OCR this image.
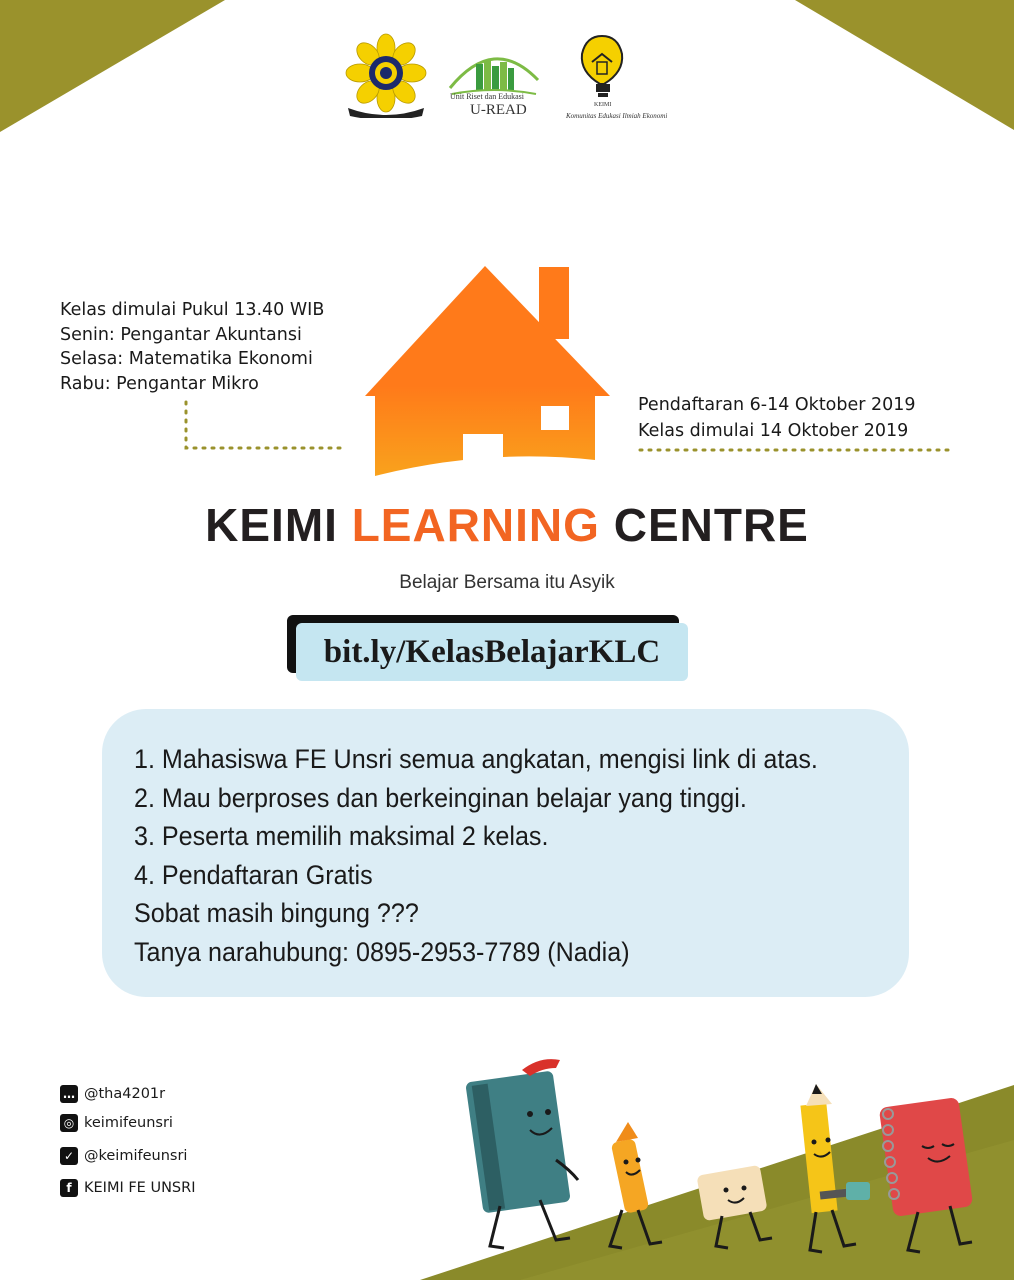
Unit Riset dan Edukasi
U-READ	KEIMI
Komunitas Edukasi Ilmiah Ekonomi
Kelas dimulai Pukul 13.40 WIB
Senin: Pengantar Akuntansi
Selasa: Matematika Ekonomi
Rabu: Pengantar Mikro
Pendaftaran 6-14 Oktober 2019
Kelas dimulai 14 Oktober 2019
KEIMI LEARNING CENTRE
Belajar Bersama itu Asyik
bit.ly/KelasBelajarKLC
1. Mahasiswa FE Unsri semua angkatan, mengisi link di atas.
2. Mau berproses dan berkeinginan belajar yang tinggi.
3. Peserta memilih maksimal 2 kelas.
4. Pendaftaran Gratis
Sobat masih bingung ???
Tanya narahubung: 0895-2953-7789 (Nadia)
… @tha4201r
◎ keimifeunsri
✓ @keimifeunsri
f KEIMI FE UNSRI
